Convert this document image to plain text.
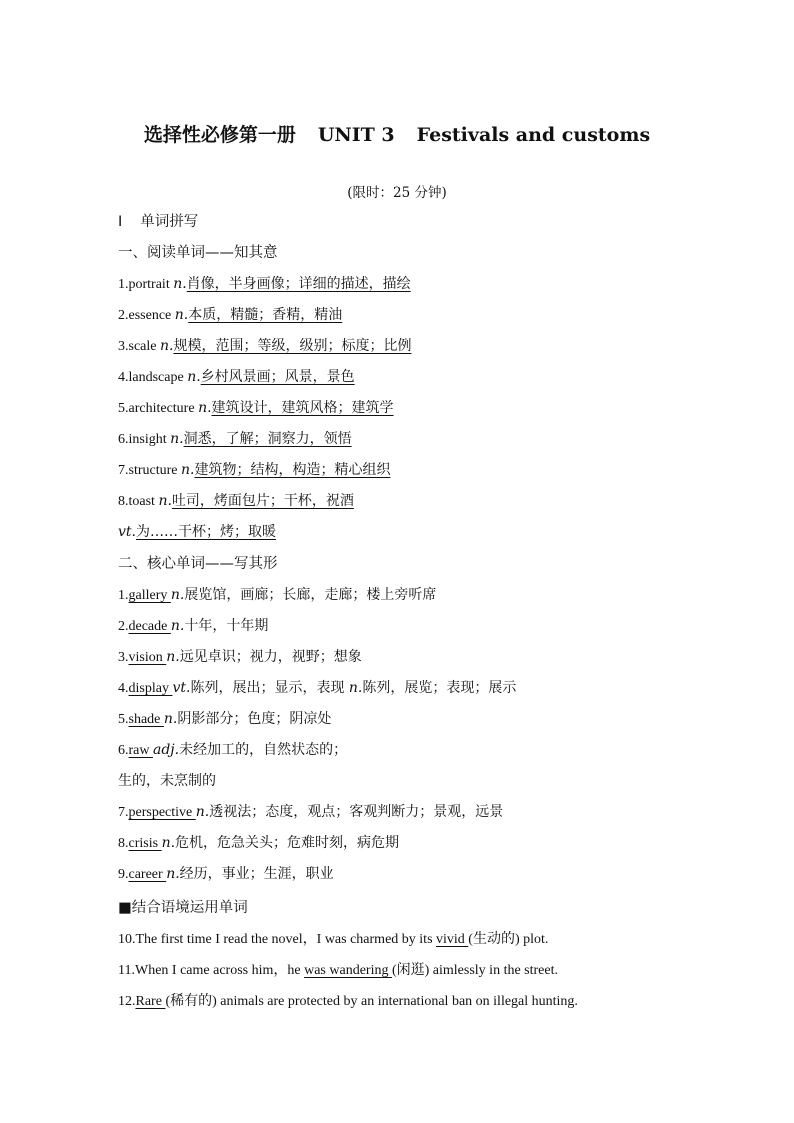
选择性必修第一册 UNIT 3 Festivals and customs
(限时：25 分钟)
Ⅰ 单词拼写
一、阅读单词——知其意
1.portrait n.肖像，半身画像；详细的描述，描绘
2.essence n.本质，精髓；香精，精油
3.scale n.规模，范围；等级，级别；标度；比例
4.landscape n.乡村风景画；风景，景色
5.architecture n.建筑设计，建筑风格；建筑学
6.insight n.洞悉，了解；洞察力，领悟
7.structure n.建筑物；结构，构造；精心组织
8.toast n.吐司，烤面包片；干杯，祝酒
vt.为……干杯；烤；取暖
二、核心单词——写其形
1.gallery n.展览馆，画廊；长廊，走廊；楼上旁听席
2.decade n.十年，十年期
3.vision n.远见卓识；视力，视野；想象
4.display vt.陈列，展出；显示，表现 n.陈列，展览；表现；展示
5.shade n.阴影部分；色度；阴凉处
6.raw adj.未经加工的，自然状态的；
生的，未烹制的
7.perspective n.透视法；态度，观点；客观判断力；景观，远景
8.crisis n.危机，危急关头；危难时刻，病危期
9.career n.经历，事业；生涯，职业
■结合语境运用单词
10.The first time I read the novel，I was charmed by its vivid (生动的) plot.
11.When I came across him，he was wandering (闲逛) aimlessly in the street.
12.Rare (稀有的) animals are protected by an international ban on illegal hunting.
